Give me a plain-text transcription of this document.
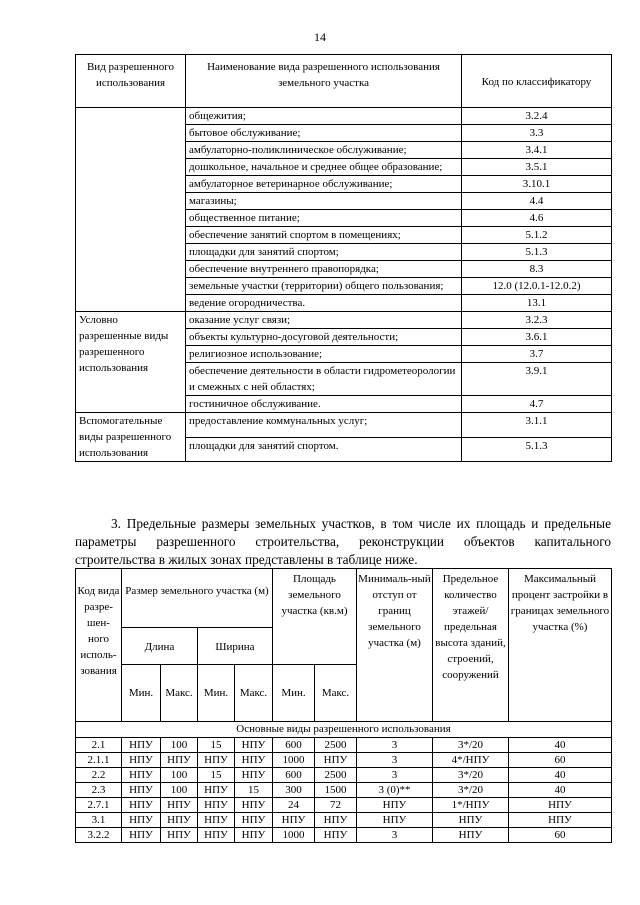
14
Вид разрешенного использования	Наименование вида разрешенного использования земельного участка	Код по классификатору
	общежития;	3.2.4
	бытовое обслуживание;	3.3
	амбулаторно-поликлиническое обслуживание;	3.4.1
	дошкольное, начальное и среднее общее образование;	3.5.1
	амбулаторное ветеринарное обслуживание;	3.10.1
	магазины;	4.4
	общественное питание;	4.6
	обеспечение занятий спортом в помещениях;	5.1.2
	площадки для занятий спортом;	5.1.3
	обеспечение внутреннего правопорядка;	8.3
	земельные участки (территории) общего пользования;	12.0 (12.0.1-12.0.2)
	ведение огородничества.	13.1
Условно разрешенные виды разрешенного использования	оказание услуг связи;	3.2.3
	объекты культурно-досуговой деятельности;	3.6.1
	религиозное использование;	3.7
	обеспечение деятельности в области гидрометеорологии и смежных с ней областях;	3.9.1
	гостиничное обслуживание.	4.7
Вспомогательные виды разрешенного использования	предоставление коммунальных услуг;	3.1.1
	площадки для занятий спортом.	5.1.3

3. Предельные размеры земельных участков, в том числе их площадь и предельные параметры разрешенного строительства, реконструкции объектов капитального строительства в жилых зонах представлены в таблице ниже.

Код вида разре-шен-ного исполь-зования	Размер земельного участка (м)				Площадь земельного участка (кв.м)		Минималь-ный отступ от границ земельного участка (м)	Предельное количество этажей/ предельная высота зданий, строений, сооружений	Максимальный процент застройки в границах земельного участка (%)
	Длина		Ширина						
	Мин.	Макс.	Мин.	Макс.	Мин.	Макс.			
Основные виды разрешенного использования									
2.1	НПУ	100	15	НПУ	600	2500	3	3*/20	40
2.1.1	НПУ	НПУ	НПУ	НПУ	1000	НПУ	3	4*/НПУ	60
2.2	НПУ	100	15	НПУ	600	2500	3	3*/20	40
2.3	НПУ	100	НПУ	15	300	1500	3 (0)**	3*/20	40
2.7.1	НПУ	НПУ	НПУ	НПУ	24	72	НПУ	1*/НПУ	НПУ
3.1	НПУ	НПУ	НПУ	НПУ	НПУ	НПУ	НПУ	НПУ	НПУ
3.2.2	НПУ	НПУ	НПУ	НПУ	1000	НПУ	3	НПУ	60
